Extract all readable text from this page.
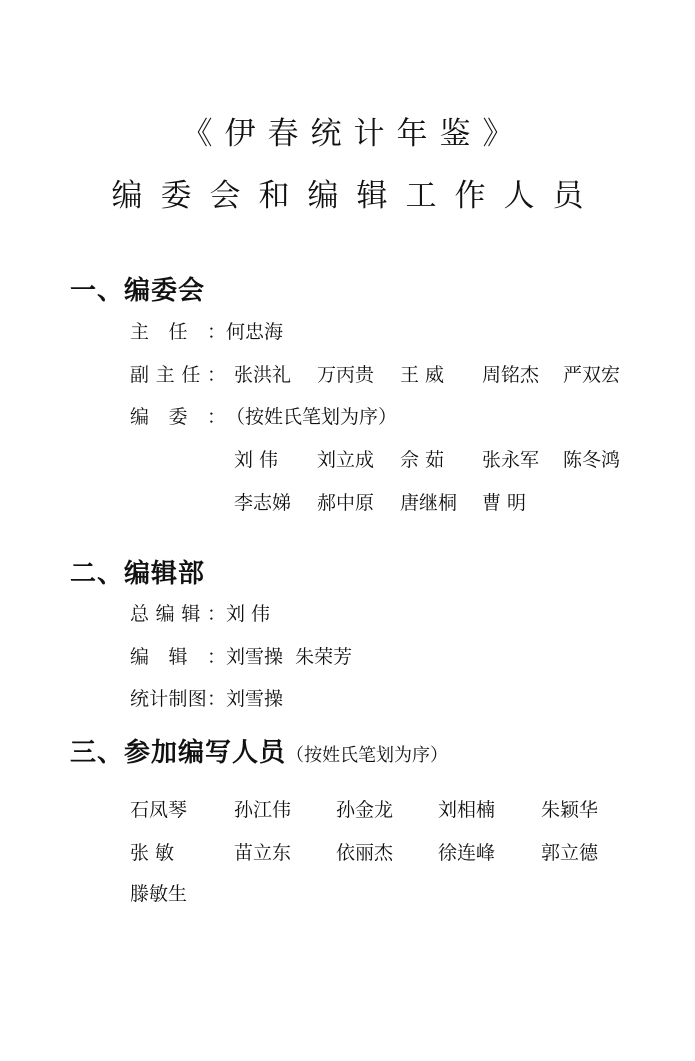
《伊春统计年鉴》
编委会和编辑工作人员
一、编委会
主任：何忠海
副主任： 张洪礼 万丙贵 王 威 周铭杰 严双宏
编委：（按姓氏笔划为序）
刘 伟 刘立成 佘 茹 张永军 陈冬鸿
李志娣 郝中原 唐继桐 曹 明
二、编辑部
总编辑：刘 伟
编辑：刘雪操  朱荣芳
统计制图：刘雪操
三、参加编写人员（按姓氏笔划为序）
石凤琴 孙江伟 孙金龙 刘相楠 朱颖华
张 敏	苗立东 依丽杰 徐连峰 郭立德
滕敏生
